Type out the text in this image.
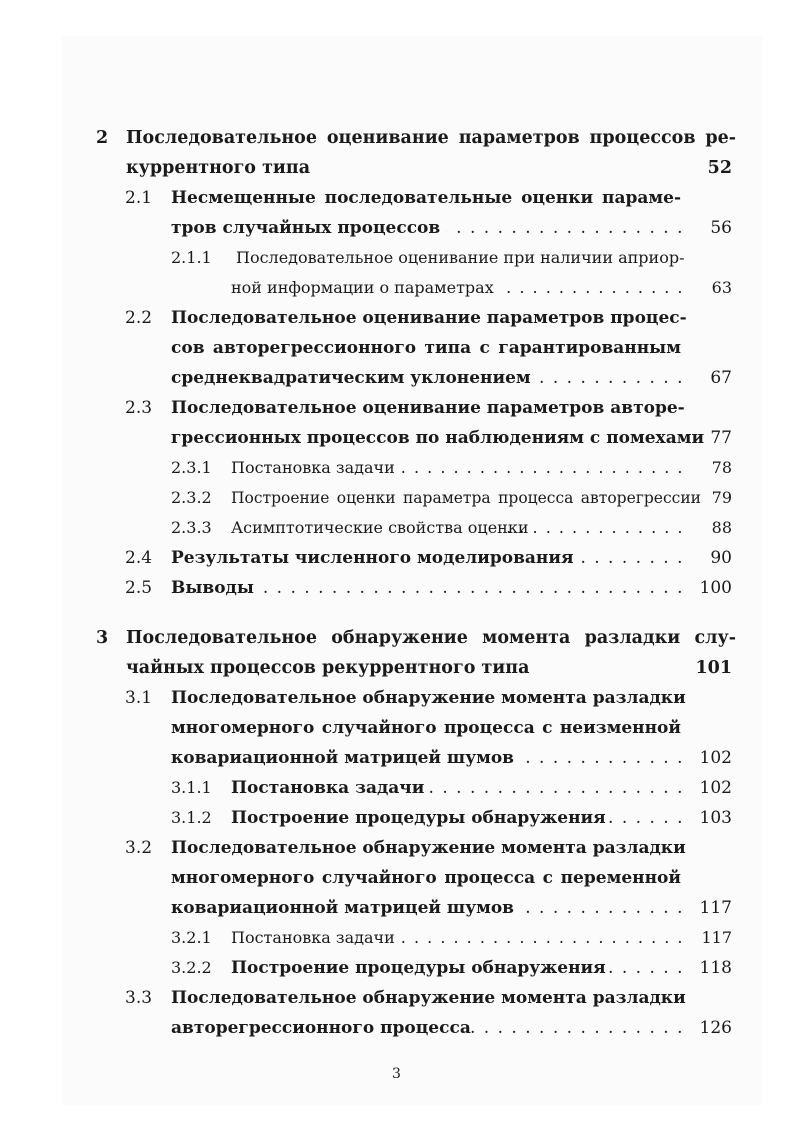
2 Последовательное оценивание параметров процессов ре-
куррентного типа	52
2.1 Несмещенные последовательные оценки параме-
тров случайных процессов . . .	56
2.1.1 Последовательное оценивание при наличии априор-
ной информации о параметрах . . .	63
2.2 Последовательное оценивание параметров процес-
сов авторегрессионного типа с гарантированным
среднеквадратическим уклонением . . .	67
2.3 Последовательное оценивание параметров авторе-
грессионных процессов по наблюдениям с помехами 77
2.3.1 Постановка задачи . . .	78
2.3.2 Построение оценки параметра процесса авторегрессии 79
2.3.3 Асимптотические свойства оценки . . .	88
2.4 Результаты численного моделирования . . .	90
2.5 Выводы . . .	100
3 Последовательное обнаружение момента разладки слу-
чайных процессов рекуррентного типа	101
3.1 Последовательное обнаружение момента разладки
многомерного случайного процесса с неизменной
ковариационной матрицей шумов . . .	102
3.1.1 Постановка задачи . . .	102
3.1.2 Построение процедуры обнаружения . . .	103
3.2 Последовательное обнаружение момента разладки
многомерного случайного процесса с переменной
ковариационной матрицей шумов . . .	117
3.2.1 Постановка задачи . . .	117
3.2.2 Построение процедуры обнаружения . . .	118
3.3 Последовательное обнаружение момента разладки
авторегрессионного процесса . . .	126
3
